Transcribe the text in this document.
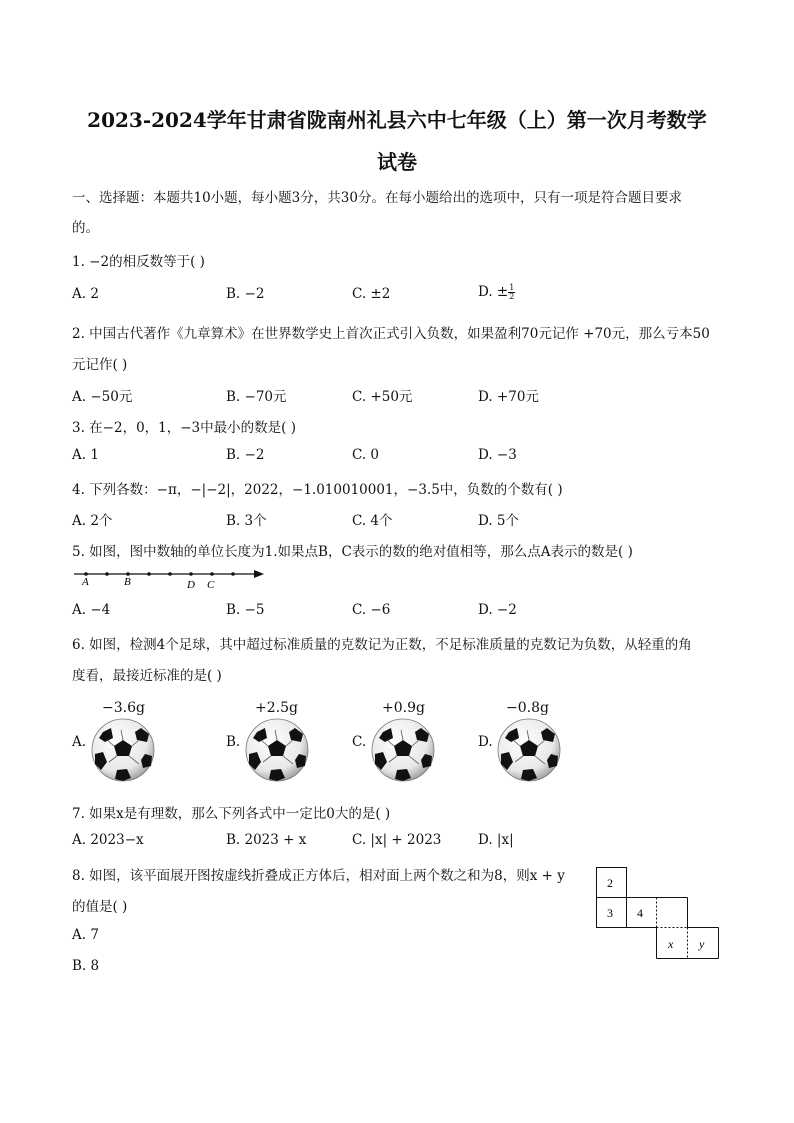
2023-2024学年甘肃省陇南州礼县六中七年级（上）第一次月考数学
试卷
一、选择题：本题共10小题，每小题3分，共30分。在每小题给出的选项中，只有一项是符合题目要求
的。
1. −2的相反数等于( )
A. 2	B. −2	C. ±2	D. ± $\frac{1}{2}$
2. 中国古代著作《九章算术》在世界数学史上首次正式引入负数，如果盈利70元记作 +70元，那么亏本50
元记作( )
A. −50元	B. −70元	C. +50元	D. +70元
3. 在−2，0，1，−3中最小的数是( )
A. 1	B. −2	C. 0	D. −3
4. 下列各数：−π，−|−2|，2022，−1.010010001，−3.5中，负数的个数有( )
A. 2个	B. 3个	C. 4个	D. 5个
5. 如图，图中数轴的单位长度为1.如果点B，C表示的数的绝对值相等，那么点A表示的数是( )
A	B	D C
A. −4	B. −5	C. −6	D. −2
6. 如图，检测4个足球，其中超过标准质量的克数记为正数，不足标准质量的克数记为负数，从轻重的角
度看，最接近标准的是( )
−3.6g
A.
+2.5g
B.
+0.9g
C.
−0.8g
D.
7. 如果x是有理数，那么下列各式中一定比0大的是( )
A. 2023−x	B. 2023 + x	C. |x| + 2023	D. |x|
8. 如图，该平面展开图按虚线折叠成正方体后，相对面上两个数之和为8，则x + y
的值是( )
A. 7
B. 8
2
3 4
x y
